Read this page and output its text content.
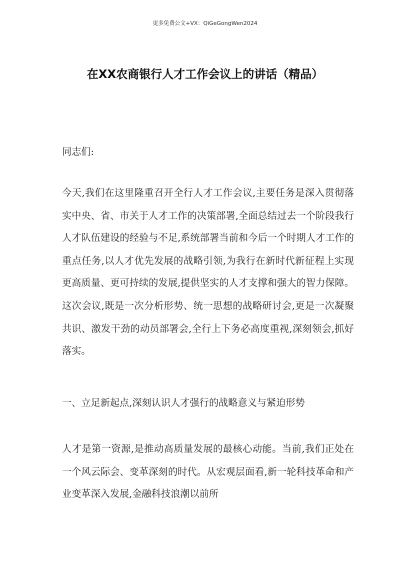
更多免费公文+VX：QiGeGongWen2024
在XX农商银行人才工作会议上的讲话（精品）
同志们:
今天,我们在这里隆重召开全行人才工作会议,主要任务是深入贯彻落实中央、省、市关于人才工作的决策部署,全面总结过去一个阶段我行人才队伍建设的经验与不足,系统部署当前和今后一个时期人才工作的重点任务,以人才优先发展的战略引领,为我行在新时代新征程上实现更高质量、更可持续的发展,提供坚实的人才支撑和强大的智力保障。这次会议,既是一次分析形势、统一思想的战略研讨会,更是一次凝聚共识、激发干劲的动员部署会,全行上下务必高度重视,深刻领会,抓好落实。
一、立足新起点,深刻认识人才强行的战略意义与紧迫形势
人才是第一资源,是推动高质量发展的最核心动能。当前,我们正处在一个风云际会、变革深刻的时代。从宏观层面看,新一轮科技革命和产业变革深入发展,金融科技浪潮以前所
